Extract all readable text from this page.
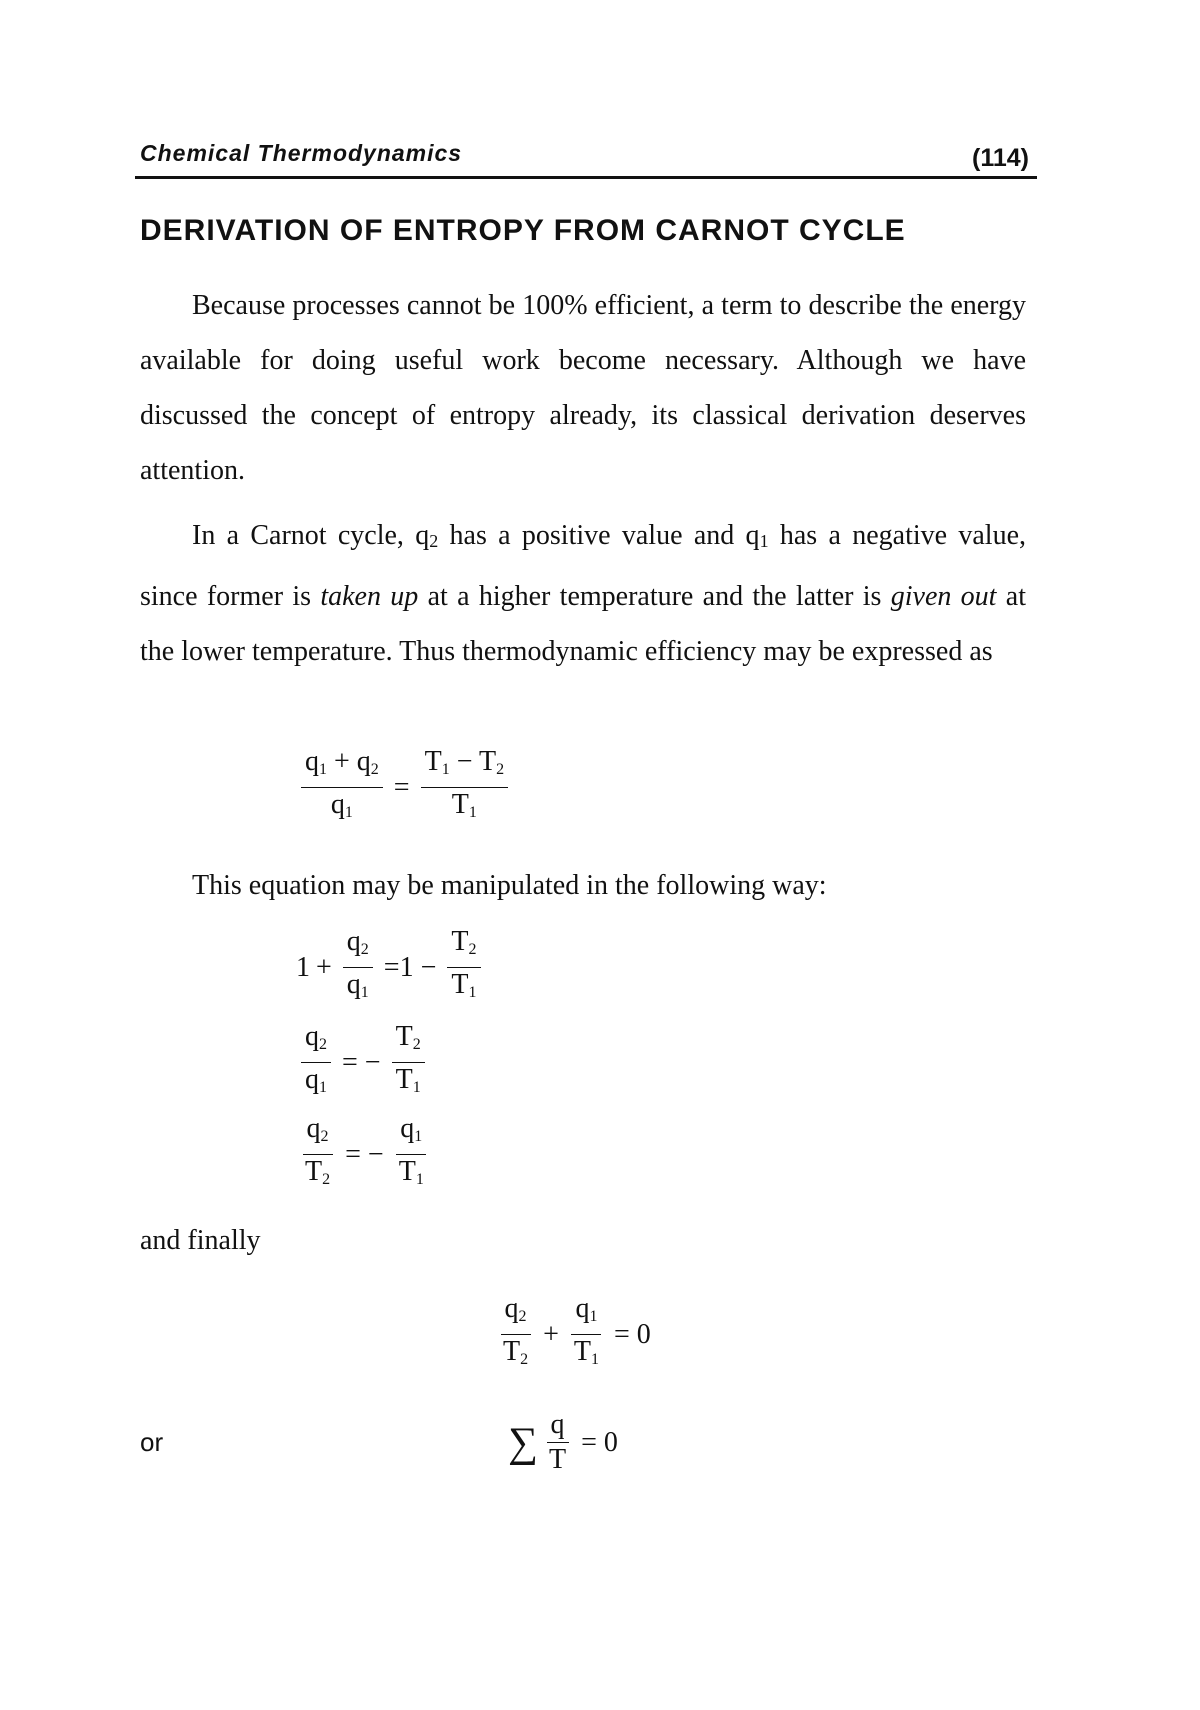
Chemical Thermodynamics	(114)
DERIVATION OF ENTROPY FROM CARNOT CYCLE

Because processes cannot be 100% efficient, a term to describe the energy available for doing useful work become necessary. Although we have discussed the concept of entropy already, its classical derivation deserves attention.

In a Carnot cycle, q2 has a positive value and q1 has a negative value, since former is taken up at a higher temperature and the latter is given out at the lower temperature. Thus thermodynamic efficiency may be expressed as

$\frac{q1 + q2}{q1} = \frac{T1 - T2}{T1}$

This equation may be manipulated in the following way:

$1 + \frac{q2}{q1} =1 - \frac{T2}{T1}$
$\frac{q2}{q1}$ = − $\frac{T2}{T1}$
$\frac{q2}{T2}$ = − $\frac{q1}{T1}$
and finally
$\frac{q2}{T2} + \frac{q1}{T1} = 0$
or	∑ $\frac{q}{T} = 0$
